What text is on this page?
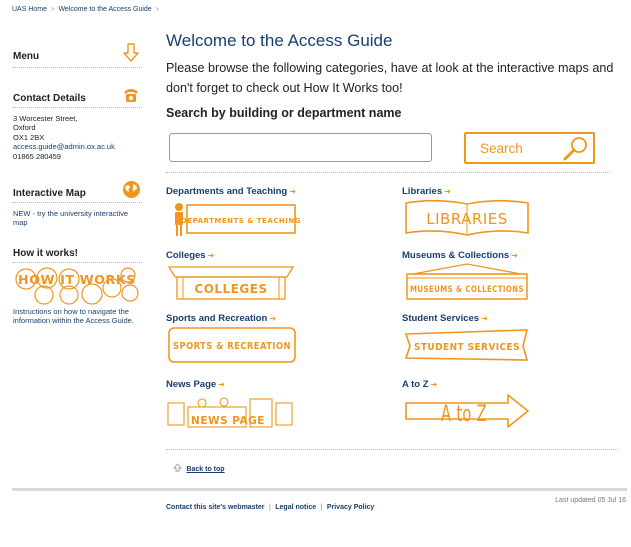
UAS Home > Welcome to the Access Guide >
Menu
Contact Details
3 Worcester Street,
Oxford
OX1 2BX
access.guide@admin.ox.ac.uk
01865 280459
Interactive Map
NEW - try the university interactive map
How it works!
HOW IT WORKS
Instructions on how to navigate the information within the Access Guide.
Welcome to the Access Guide
Please browse the following categories, have at look at the interactive maps and don't forget to check out How It Works too!
Search by building or department name
Search
Departments and Teaching ➜
DEPARTMENTS & TEACHING
Libraries ➜
LIBRARIES
Colleges ➜
COLLEGES
Museums & Collections ➜
MUSEUMS & COLLECTIONS
Sports and Recreation ➜
SPORTS & RECREATION
Student Services ➜
STUDENT SERVICES
News Page ➜
NEWS PAGE
A to Z ➜
A to Z
Back to top
Contact this site's webmaster | Legal notice | Privacy Policy
Last updated 05 Jul 16
